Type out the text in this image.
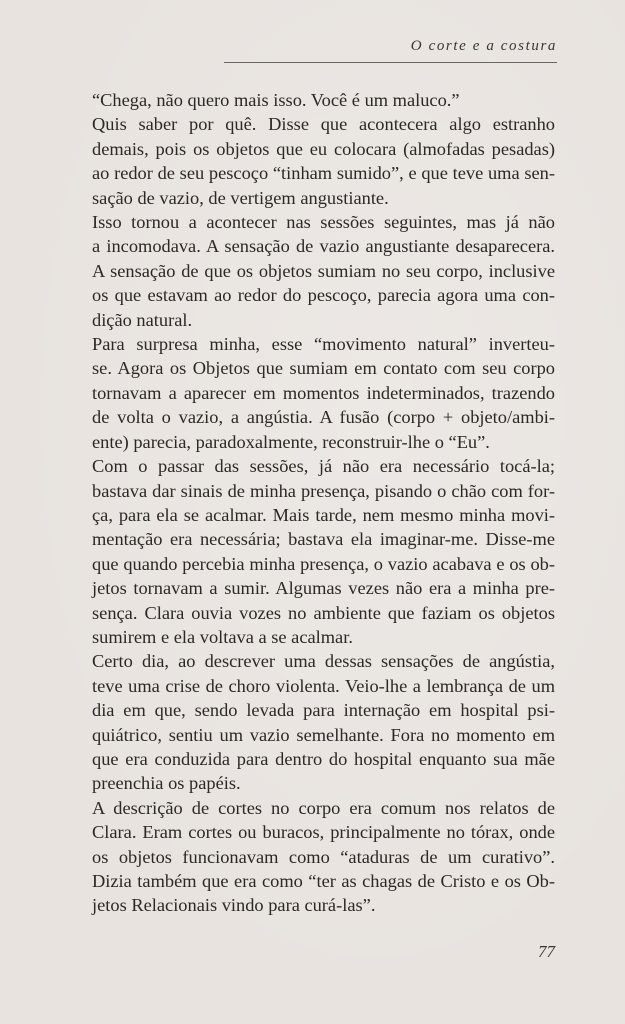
O corte e a costura

“Chega, não quero mais isso. Você é um maluco.”

Quis saber por quê. Disse que acontecera algo estranho
demais, pois os objetos que eu colocara (almofadas pesadas)
ao redor de seu pescoço “tinham sumido”, e que teve uma sen-
sação de vazio, de vertigem angustiante.

Isso tornou a acontecer nas sessões seguintes, mas já não
a incomodava. A sensação de vazio angustiante desaparecera.
A sensação de que os objetos sumiam no seu corpo, inclusive
os que estavam ao redor do pescoço, parecia agora uma con-
dição natural.

Para surpresa minha, esse “movimento natural” inverteu-
se. Agora os Objetos que sumiam em contato com seu corpo
tornavam a aparecer em momentos indeterminados, trazendo
de volta o vazio, a angústia. A fusão (corpo + objeto/ambi-
ente) parecia, paradoxalmente, reconstruir-lhe o “Eu”.

Com o passar das sessões, já não era necessário tocá-la;
bastava dar sinais de minha presença, pisando o chão com for-
ça, para ela se acalmar. Mais tarde, nem mesmo minha movi-
mentação era necessária; bastava ela imaginar-me. Disse-me
que quando percebia minha presença, o vazio acabava e os ob-
jetos tornavam a sumir. Algumas vezes não era a minha pre-
sença. Clara ouvia vozes no ambiente que faziam os objetos
sumirem e ela voltava a se acalmar.

Certo dia, ao descrever uma dessas sensações de angústia,
teve uma crise de choro violenta. Veio-lhe a lembrança de um
dia em que, sendo levada para internação em hospital psi-
quiátrico, sentiu um vazio semelhante. Fora no momento em
que era conduzida para dentro do hospital enquanto sua mãe
preenchia os papéis.

A descrição de cortes no corpo era comum nos relatos de
Clara. Eram cortes ou buracos, principalmente no tórax, onde
os objetos funcionavam como “ataduras de um curativo”.
Dizia também que era como “ter as chagas de Cristo e os Ob-
jetos Relacionais vindo para curá-las”.

77
